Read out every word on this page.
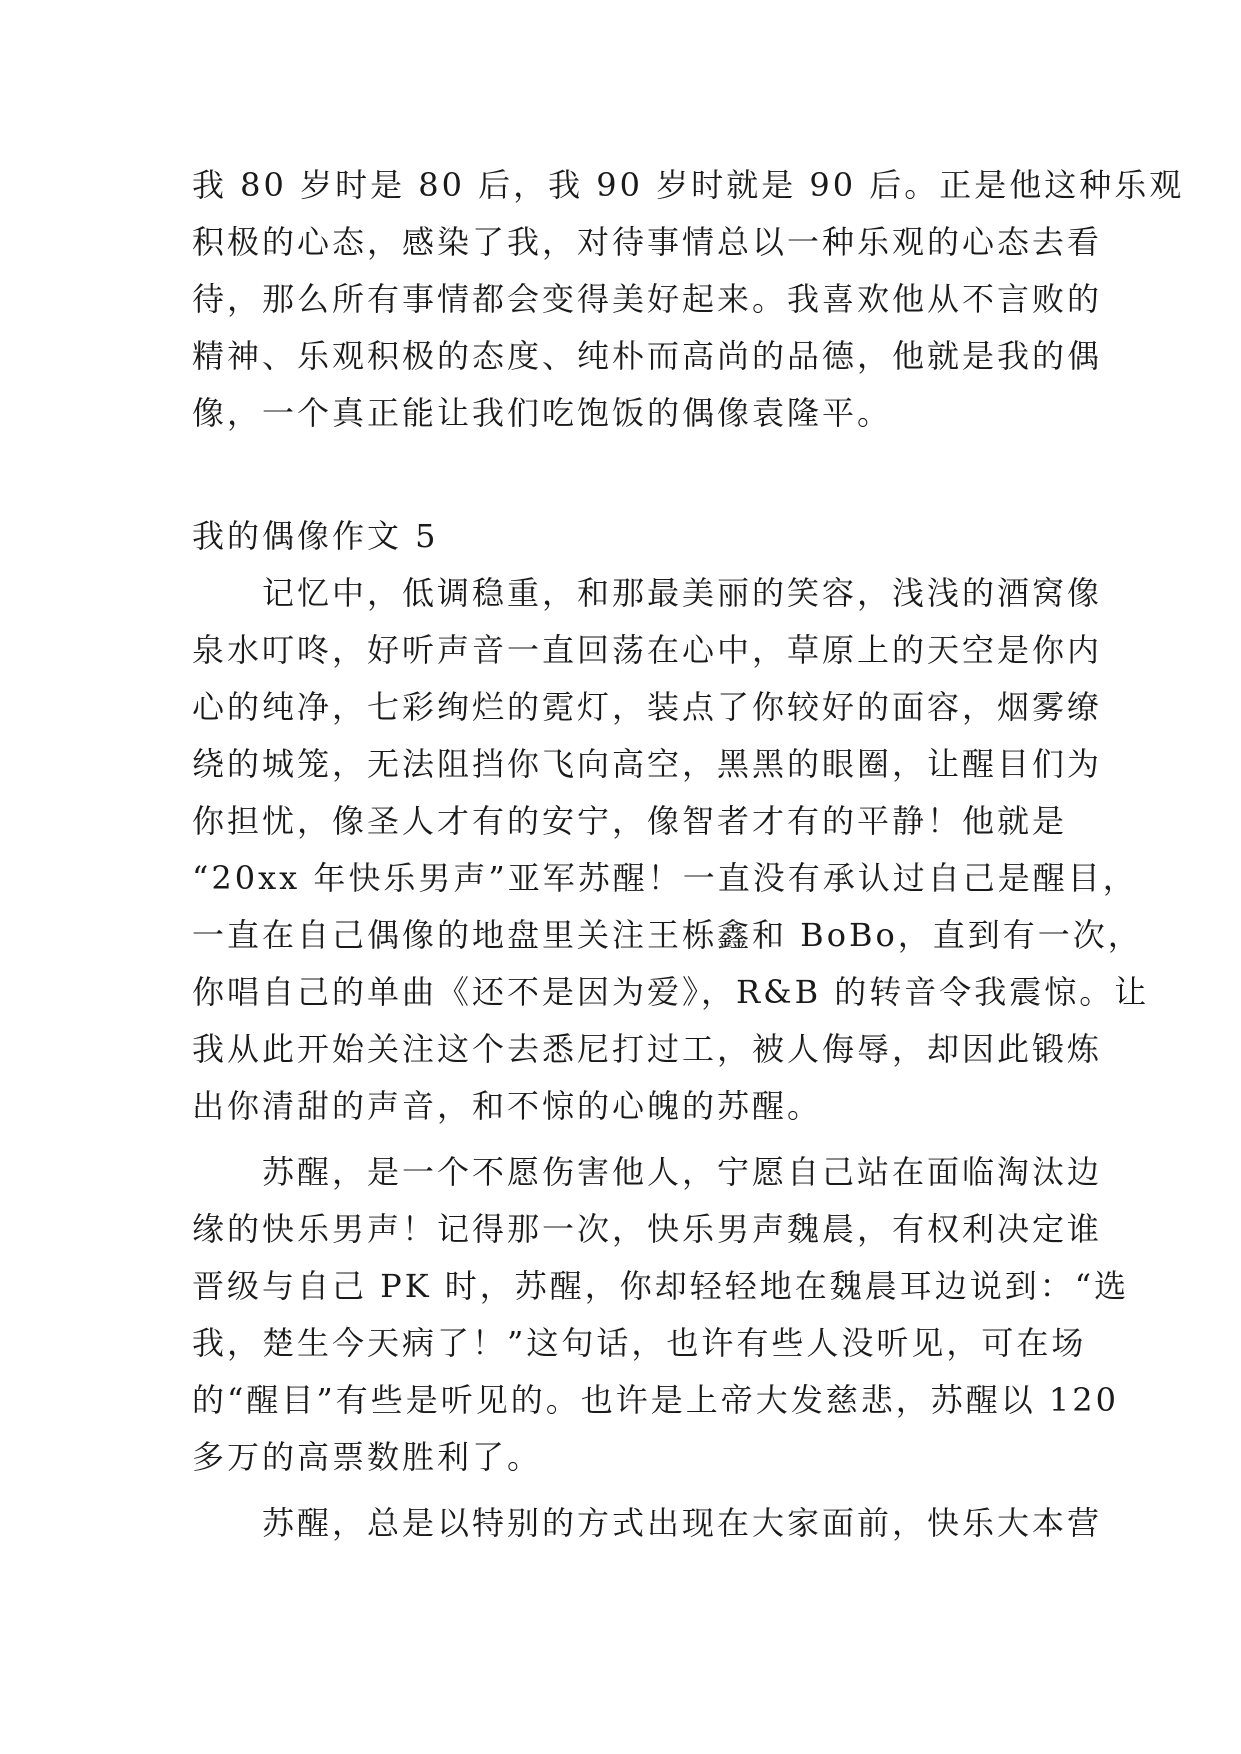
我 80 岁时是 80 后，我 90 岁时就是 90 后。正是他这种乐观

积极的心态，感染了我，对待事情总以一种乐观的心态去看

待，那么所有事情都会变得美好起来。我喜欢他从不言败的

精神、乐观积极的态度、纯朴而高尚的品德，他就是我的偶

像，一个真正能让我们吃饱饭的偶像袁隆平。

我的偶像作文 5

　　记忆中，低调稳重，和那最美丽的笑容，浅浅的酒窝像

泉水叮咚，好听声音一直回荡在心中，草原上的天空是你内

心的纯净，七彩绚烂的霓灯，装点了你较好的面容，烟雾缭

绕的城笼，无法阻挡你飞向高空，黑黑的眼圈，让醒目们为

你担忧，像圣人才有的安宁，像智者才有的平静！他就是

“20xx 年快乐男声”亚军苏醒！一直没有承认过自己是醒目，

一直在自己偶像的地盘里关注王栎鑫和 BoBo，直到有一次，

你唱自己的单曲《还不是因为爱》，R&B 的转音令我震惊。让

我从此开始关注这个去悉尼打过工，被人侮辱，却因此锻炼

出你清甜的声音，和不惊的心魄的苏醒。

　　苏醒，是一个不愿伤害他人，宁愿自己站在面临淘汰边

缘的快乐男声！记得那一次，快乐男声魏晨，有权利决定谁

晋级与自己 PK 时，苏醒，你却轻轻地在魏晨耳边说到：“选

我，楚生今天病了！”这句话，也许有些人没听见，可在场

的“醒目”有些是听见的。也许是上帝大发慈悲，苏醒以 120

多万的高票数胜利了。

　　苏醒，总是以特别的方式出现在大家面前，快乐大本营
